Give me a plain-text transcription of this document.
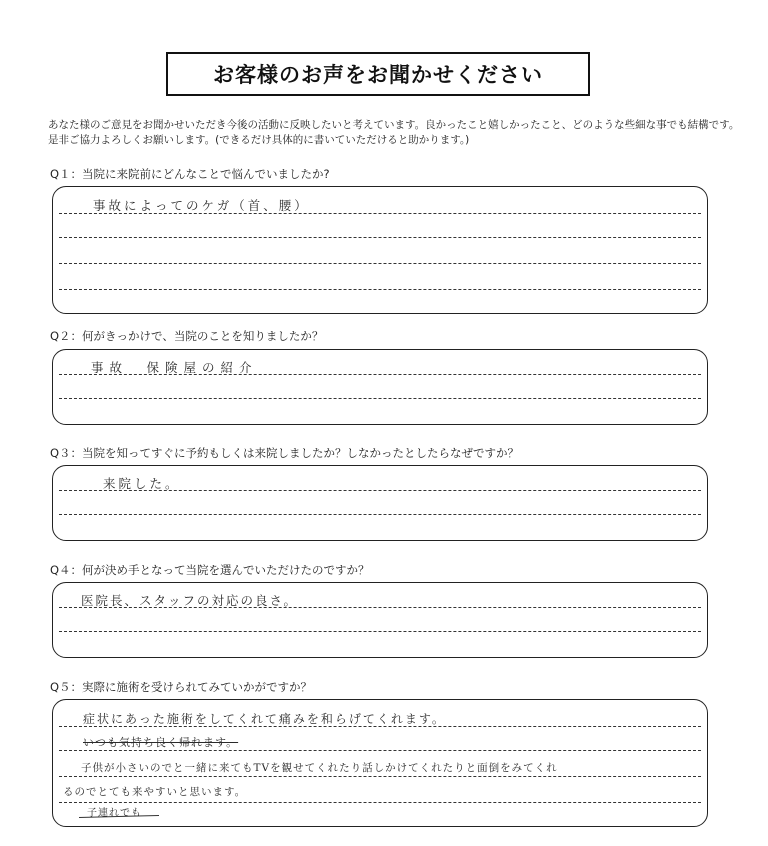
お客様のお声をお聞かせください
あなた様のご意見をお聞かせいただき今後の活動に反映したいと考えています。良かったこと嬉しかったこと、どのような些細な事でも結構です。
是非ご協力よろしくお願いします。(できるだけ具体的に書いていただけると助かります。)
Q１：当院に来院前にどんなことで悩んでいましたか?
事故によってのケガ（首、腰）
Q２：何がきっかけで、当院のことを知りましたか？
事故　保険屋の紹介
Q３：当院を知ってすぐに予約もしくは来院しましたか？しなかったとしたらなぜですか？
来院した。
Q４：何が決め手となって当院を選んでいただけたのですか？
医院長、スタッフの対応の良さ。
Q５：実際に施術を受けられてみていかがですか？
症状にあった施術をしてくれて痛みを和らげてくれます。
いつも気持ち良く帰れます。
子供が小さいのでと一緒に来てもTVを観せてくれたり話しかけてくれたりと面倒をみてくれ
るのでとても来やすいと思います。
子連れでも
